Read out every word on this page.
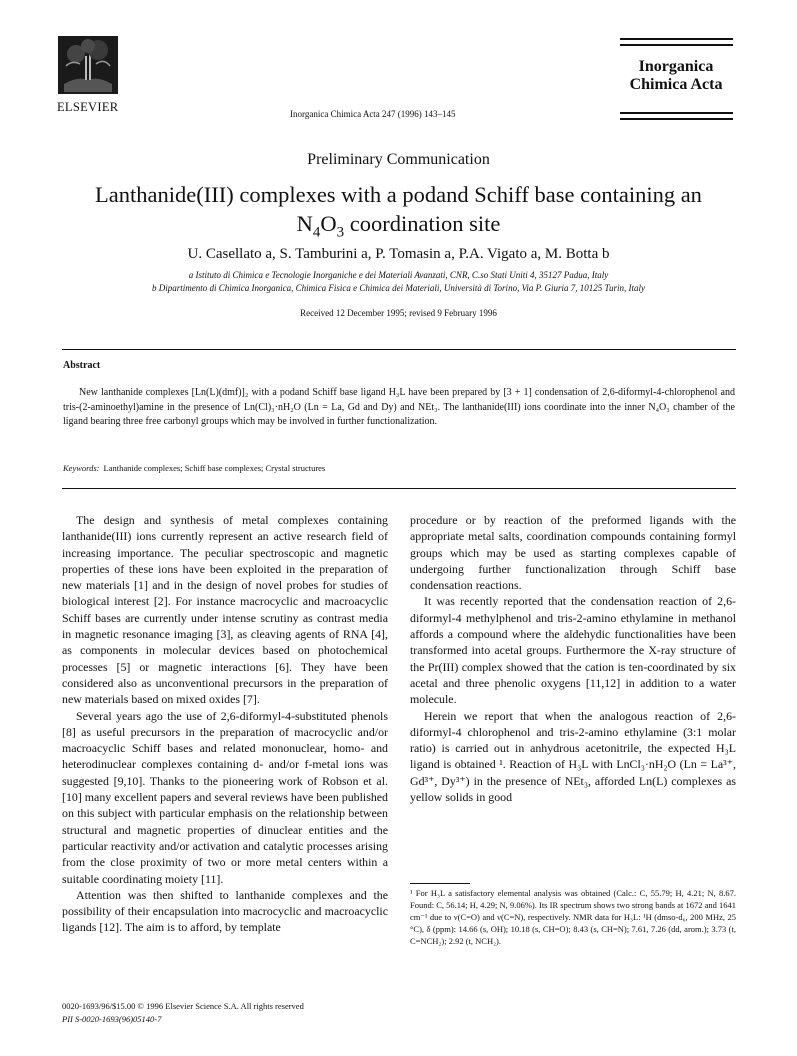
ELSEVIER	Inorganica Chimica Acta 247 (1996) 143–145
Inorganica
Chimica Acta
Preliminary Communication
Lanthanide(III) complexes with a podand Schiff base containing an
$N_4O_3$ coordination site
U. Casellato a, S. Tamburini a, P. Tomasin a, P.A. Vigato a, M. Botta b
a Istituto di Chimica e Tecnologie Inorganiche e dei Materiali Avanzati, CNR, C.so Stati Uniti 4, 35127 Padua, Italy
b Dipartimento di Chimica Inorganica, Chimica Fisica e Chimica dei Materiali, Università di Torino, Via P. Giuria 7, 10125 Turin, Italy
Received 12 December 1995; revised 9 February 1996
Abstract

New lanthanide complexes [Ln(L)(dmf)]₂ with a podand Schiff base ligand H₃L have been prepared by [3 + 1] condensation of 2,6-diformyl-4-chlorophenol and tris-(2-aminoethyl)amine in the presence of Ln(Cl)₃·nH₂O (Ln = La, Gd and Dy) and NEt₃. The lanthanide(III) ions coordinate into the inner N₄O₃ chamber of the ligand bearing three free carbonyl groups which may be involved in further functionalization.

Keywords: Lanthanide complexes; Schiff base complexes; Crystal structures

The design and synthesis of metal complexes containing lanthanide(III) ions currently represent an active research field of increasing importance. The peculiar spectroscopic and magnetic properties of these ions have been exploited in the preparation of new materials [1] and in the design of novel probes for studies of biological interest [2]. For instance macrocyclic and macroacyclic Schiff bases are currently under intense scrutiny as contrast media in magnetic resonance imaging [3], as cleaving agents of RNA [4], as components in molecular devices based on photochemical processes [5] or magnetic interactions [6]. They have been considered also as unconventional precursors in the preparation of new materials based on mixed oxides [7].

Several years ago the use of 2,6-diformyl-4-substituted phenols [8] as useful precursors in the preparation of macrocyclic and/or macroacyclic Schiff bases and related mononuclear, homo- and heterodinuclear complexes containing d- and/or f-metal ions was suggested [9,10]. Thanks to the pioneering work of Robson et al. [10] many excellent papers and several reviews have been published on this subject with particular emphasis on the relationship between structural and magnetic properties of dinuclear entities and the particular reactivity and/or activation and catalytic processes arising from the close proximity of two or more metal centers within a suitable coordinating moiety [11].

Attention was then shifted to lanthanide complexes and the possibility of their encapsulation into macrocyclic and macroacyclic ligands [12]. The aim is to afford, by template

procedure or by reaction of the preformed ligands with the appropriate metal salts, coordination compounds containing formyl groups which may be used as starting complexes capable of undergoing further functionalization through Schiff base condensation reactions.

It was recently reported that the condensation reaction of 2,6-diformyl-4 methylphenol and tris-2-amino ethylamine in methanol affords a compound where the aldehydic functionalities have been transformed into acetal groups. Furthermore the X-ray structure of the Pr(III) complex showed that the cation is ten-coordinated by six acetal and three phenolic oxygens [11,12] in addition to a water molecule.

Herein we report that when the analogous reaction of 2,6-diformyl-4 chlorophenol and tris-2-amino ethylamine (3:1 molar ratio) is carried out in anhydrous acetonitrile, the expected H₃L ligand is obtained ¹. Reaction of H₃L with LnCl₃·nH₂O (Ln = La³⁺, Gd³⁺, Dy³⁺) in the presence of NEt₃, afforded Ln(L) complexes as yellow solids in good

¹ For H₃L a satisfactory elemental analysis was obtained (Calc.: C, 55.79; H, 4.21; N, 8.67. Found: C, 56.14; H, 4.29; N, 9.06%). Its IR spectrum shows two strong bands at 1672 and 1641 cm⁻¹ due to ν(C=O) and ν(C=N), respectively. NMR data for H₃L: ¹H (dmso-d₆, 200 MHz, 25 °C), δ (ppm): 14.66 (s, OH); 10.18 (s, CH=O); 8.43 (s, CH=N); 7.61, 7.26 (dd, arom.); 3.73 (t, C=NCH₂); 2.92 (t, NCH₂).

0020-1693/96/$15.00 © 1996 Elsevier Science S.A. All rights reserved
PII S-0020-1693(96)05140-7
